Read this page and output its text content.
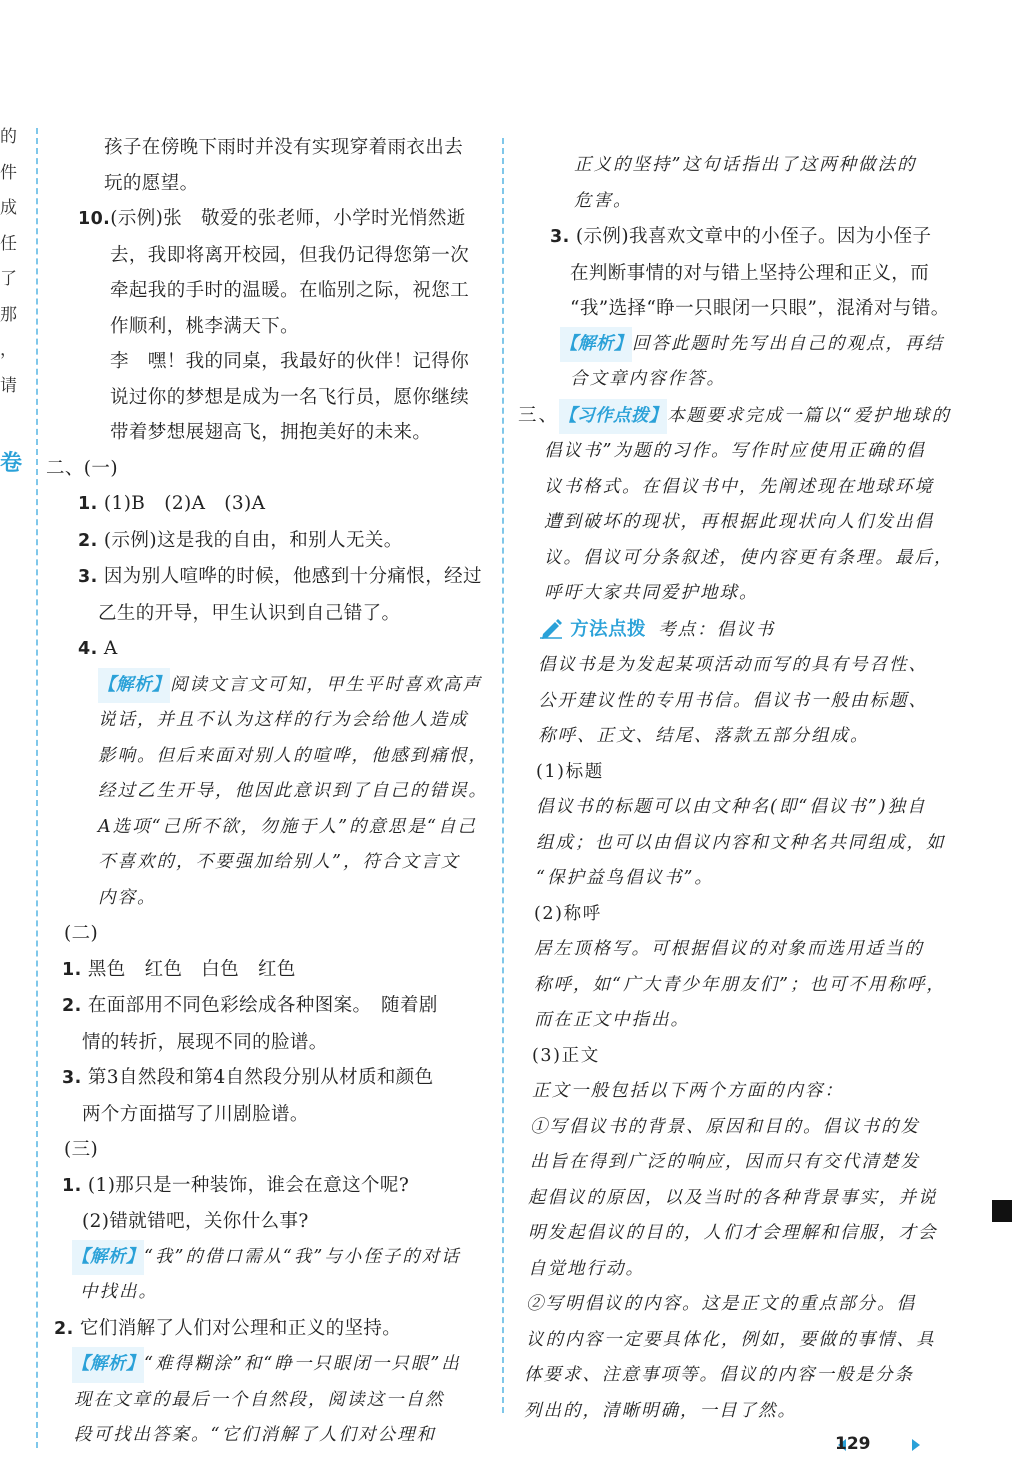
的
件
成
任
了
那
，
请
卷
孩子在傍晚下雨时并没有实现穿着雨衣出去
玩的愿望。
10.(示例)张　敬爱的张老师，小学时光悄然逝
去，我即将离开校园，但我仍记得您第一次
牵起我的手时的温暖。在临别之际，祝您工
作顺利，桃李满天下。
李　嘿！我的同桌，我最好的伙伴！记得你
说过你的梦想是成为一名飞行员，愿你继续
带着梦想展翅高飞，拥抱美好的未来。
二、(一)
1. (1)B　(2)A　(3)A
2. (示例)这是我的自由，和别人无关。
3. 因为别人喧哗的时候，他感到十分痛恨，经过
乙生的开导，甲生认识到自己错了。
4. A
【解析】阅读文言文可知，甲生平时喜欢高声
说话，并且不认为这样的行为会给他人造成
影响。但后来面对别人的喧哗，他感到痛恨，
经过乙生开导，他因此意识到了自己的错误。
A选项“己所不欲，勿施于人”的意思是“自己
不喜欢的，不要强加给别人”，符合文言文
内容。
(二)
1. 黑色　红色　白色　红色
2. 在面部用不同色彩绘成各种图案。　随着剧
情的转折，展现不同的脸谱。
3. 第3自然段和第4自然段分别从材质和颜色
两个方面描写了川剧脸谱。
(三)
1. (1)那只是一种装饰，谁会在意这个呢?
(2)错就错吧，关你什么事?
【解析】“我”的借口需从“我”与小侄子的对话
中找出。
2. 它们消解了人们对公理和正义的坚持。
【解析】“难得糊涂”和“睁一只眼闭一只眼”出
现在文章的最后一个自然段，阅读这一自然
段可找出答案。“它们消解了人们对公理和
正义的坚持”这句话指出了这两种做法的
危害。
3. (示例)我喜欢文章中的小侄子。因为小侄子
在判断事情的对与错上坚持公理和正义，而
“我”选择“睁一只眼闭一只眼”，混淆对与错。
【解析】回答此题时先写出自己的观点，再结
合文章内容作答。
三、【习作点拨】本题要求完成一篇以“爱护地球的
倡议书”为题的习作。写作时应使用正确的倡
议书格式。在倡议书中，先阐述现在地球环境
遭到破坏的现状，再根据此现状向人们发出倡
议。倡议可分条叙述，使内容更有条理。最后，
呼吁大家共同爱护地球。
方法点拨 考点：倡议书
倡议书是为发起某项活动而写的具有号召性、
公开建议性的专用书信。倡议书一般由标题、
称呼、正文、结尾、落款五部分组成。
(1)标题
倡议书的标题可以由文种名(即“倡议书”)独自
组成；也可以由倡议内容和文种名共同组成，如
“保护益鸟倡议书”。
(2)称呼
居左顶格写。可根据倡议的对象而选用适当的
称呼，如“广大青少年朋友们”；也可不用称呼，
而在正文中指出。
(3)正文
正文一般包括以下两个方面的内容：
①写倡议书的背景、原因和目的。倡议书的发
出旨在得到广泛的响应，因而只有交代清楚发
起倡议的原因，以及当时的各种背景事实，并说
明发起倡议的目的，人们才会理解和信服，才会
自觉地行动。
②写明倡议的内容。这是正文的重点部分。倡
议的内容一定要具体化，例如，要做的事情、具
体要求、注意事项等。倡议的内容一般是分条
列出的，清晰明确，一目了然。
129
